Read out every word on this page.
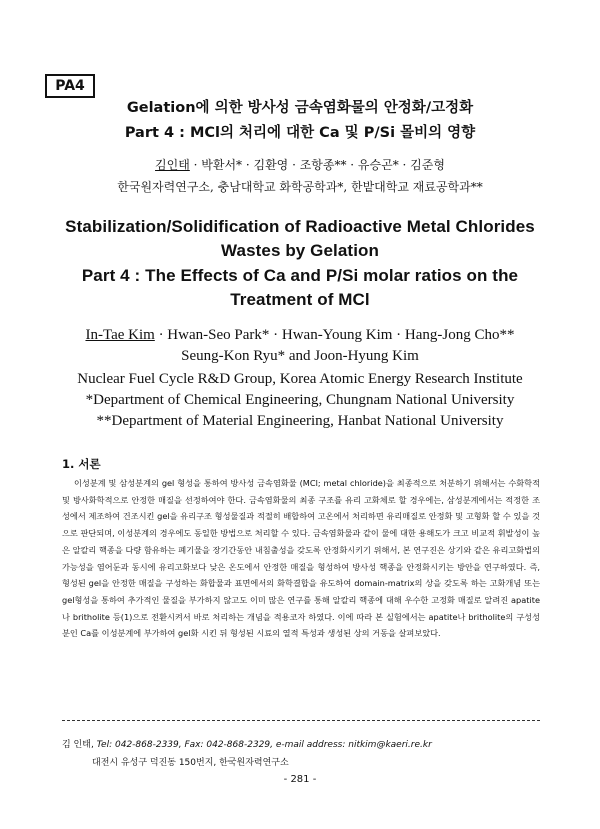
PA4
Gelation에 의한 방사성 금속염화물의 안정화/고정화
Part 4 : MCl의 처리에 대한 Ca 및 P/Si 몰비의 영향
김인태 · 박환서* · 김환영 · 조항종** · 유승곤* · 김준형
한국원자력연구소, 충남대학교 화학공학과*, 한밭대학교 재료공학과**
Stabilization/Solidification of Radioactive Metal Chlorides
Wastes by Gelation
Part 4 : The Effects of Ca and P/Si molar ratios on the
Treatment of MCl
In-Tae Kim · Hwan-Seo Park* · Hwan-Young Kim · Hang-Jong Cho**
Seung-Kon Ryu* and Joon-Hyung Kim
Nuclear Fuel Cycle R&D Group, Korea Atomic Energy Research Institute
*Department of Chemical Engineering, Chungnam National University
**Department of Material Engineering, Hanbat National University
1. 서론
이성분계 및 삼성분계의 gel 형성을 통하여 방사성 금속염화물 (MCl; metal chloride)을 최종적으로 처분하기 위해서는 수화학적 및 방사화학적으로 안정한 매질을 선정하여야 한다. 금속염화물의 최종 구조를 유리 고화체로 할 경우에는, 삼성분계에서는 적정한 조성에서 제조하여 건조시킨 gel을 유리구조 형성물질과 적절히 배합하여 고온에서 처리하면 유리매질로 안정화 및 고형화 할 수 있을 것으로 판단되며, 이성분계의 경우에도 동일한 방법으로 처리할 수 있다. 금속염화물과 같이 물에 대한 용해도가 크고 비교적 휘발성이 높은 알칼리 핵종을 다량 함유하는 폐기물을 장기간동안 내침출성을 갖도록 안정화시키기 위해서, 본 연구진은 상기와 같은 유리고화법의 가능성을 염어둔과 동시에 유리고화보다 낮은 온도에서 안정한 매질을 형성하여 방사성 핵종을 안정화시키는 방안을 연구하였다. 즉, 형성된 gel을 안정한 매질을 구성하는 화합물과 표면에서의 화학결합을 유도하여 domain-matrix의 상을 갖도록 하는 고화개념 또는 gel형성을 통하여 추가적인 물질을 부가하지 않고도 이미 많은 연구를 통해 알칼리 핵종에 대해 우수한 고정화 매질로 알려진 apatite나 britholite 등(1)으로 전환시켜서 바로 처리하는 개념을 적용코자 하였다. 이에 따라 본 실험에서는 apatite나 britholite의 구성성분인 Ca를 이성분계에 부가하여 gel화 시킨 뒤 형성된 시료의 열적 특성과 생성된 상의 거동을 살펴보았다.
김 인태, Tel: 042-868-2339, Fax: 042-868-2329, e-mail address: nitkim@kaeri.re.kr
대전시 유성구 덕진동 150번지, 한국원자력연구소
- 281 -
